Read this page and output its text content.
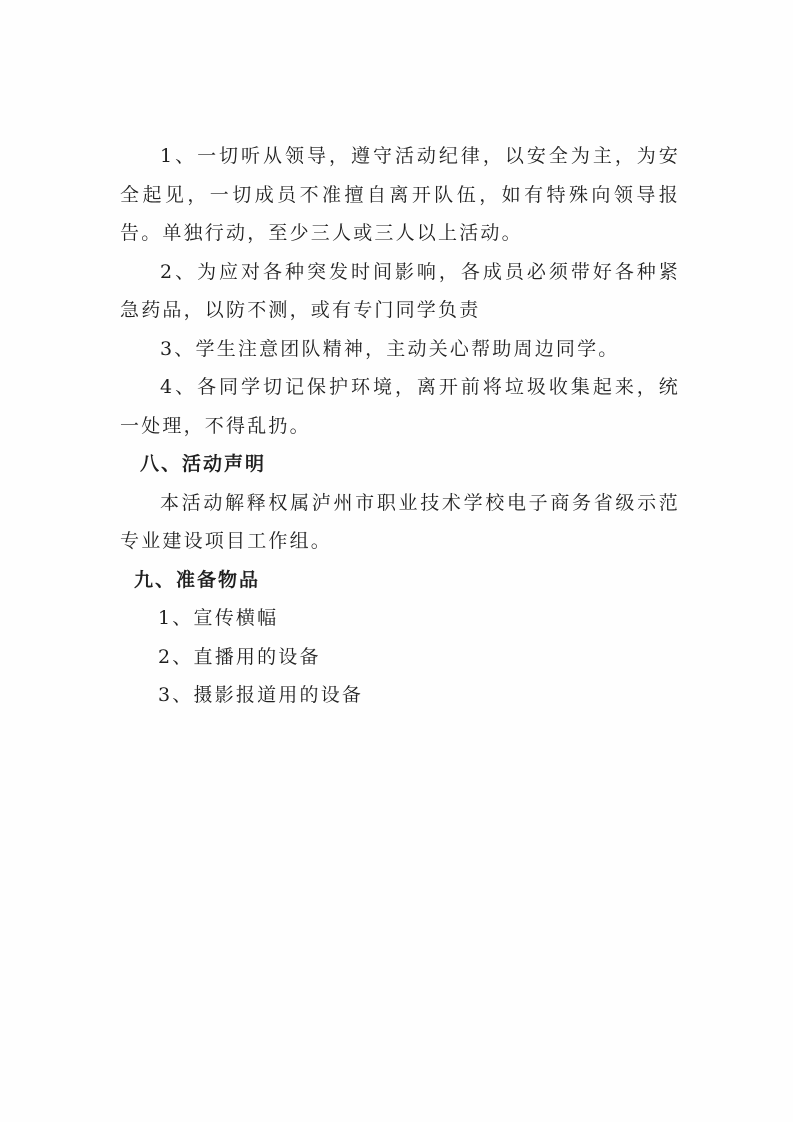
1、一切听从领导，遵守活动纪律，以安全为主，为安全起见，一切成员不准擅自离开队伍，如有特殊向领导报告。单独行动，至少三人或三人以上活动。

2、为应对各种突发时间影响，各成员必须带好各种紧急药品，以防不测，或有专门同学负责

3、学生注意团队精神，主动关心帮助周边同学。

4、各同学切记保护环境，离开前将垃圾收集起来，统一处理，不得乱扔。

八、活动声明

本活动解释权属泸州市职业技术学校电子商务省级示范专业建设项目工作组。

九、准备物品

1、宣传横幅

2、直播用的设备

3、摄影报道用的设备
